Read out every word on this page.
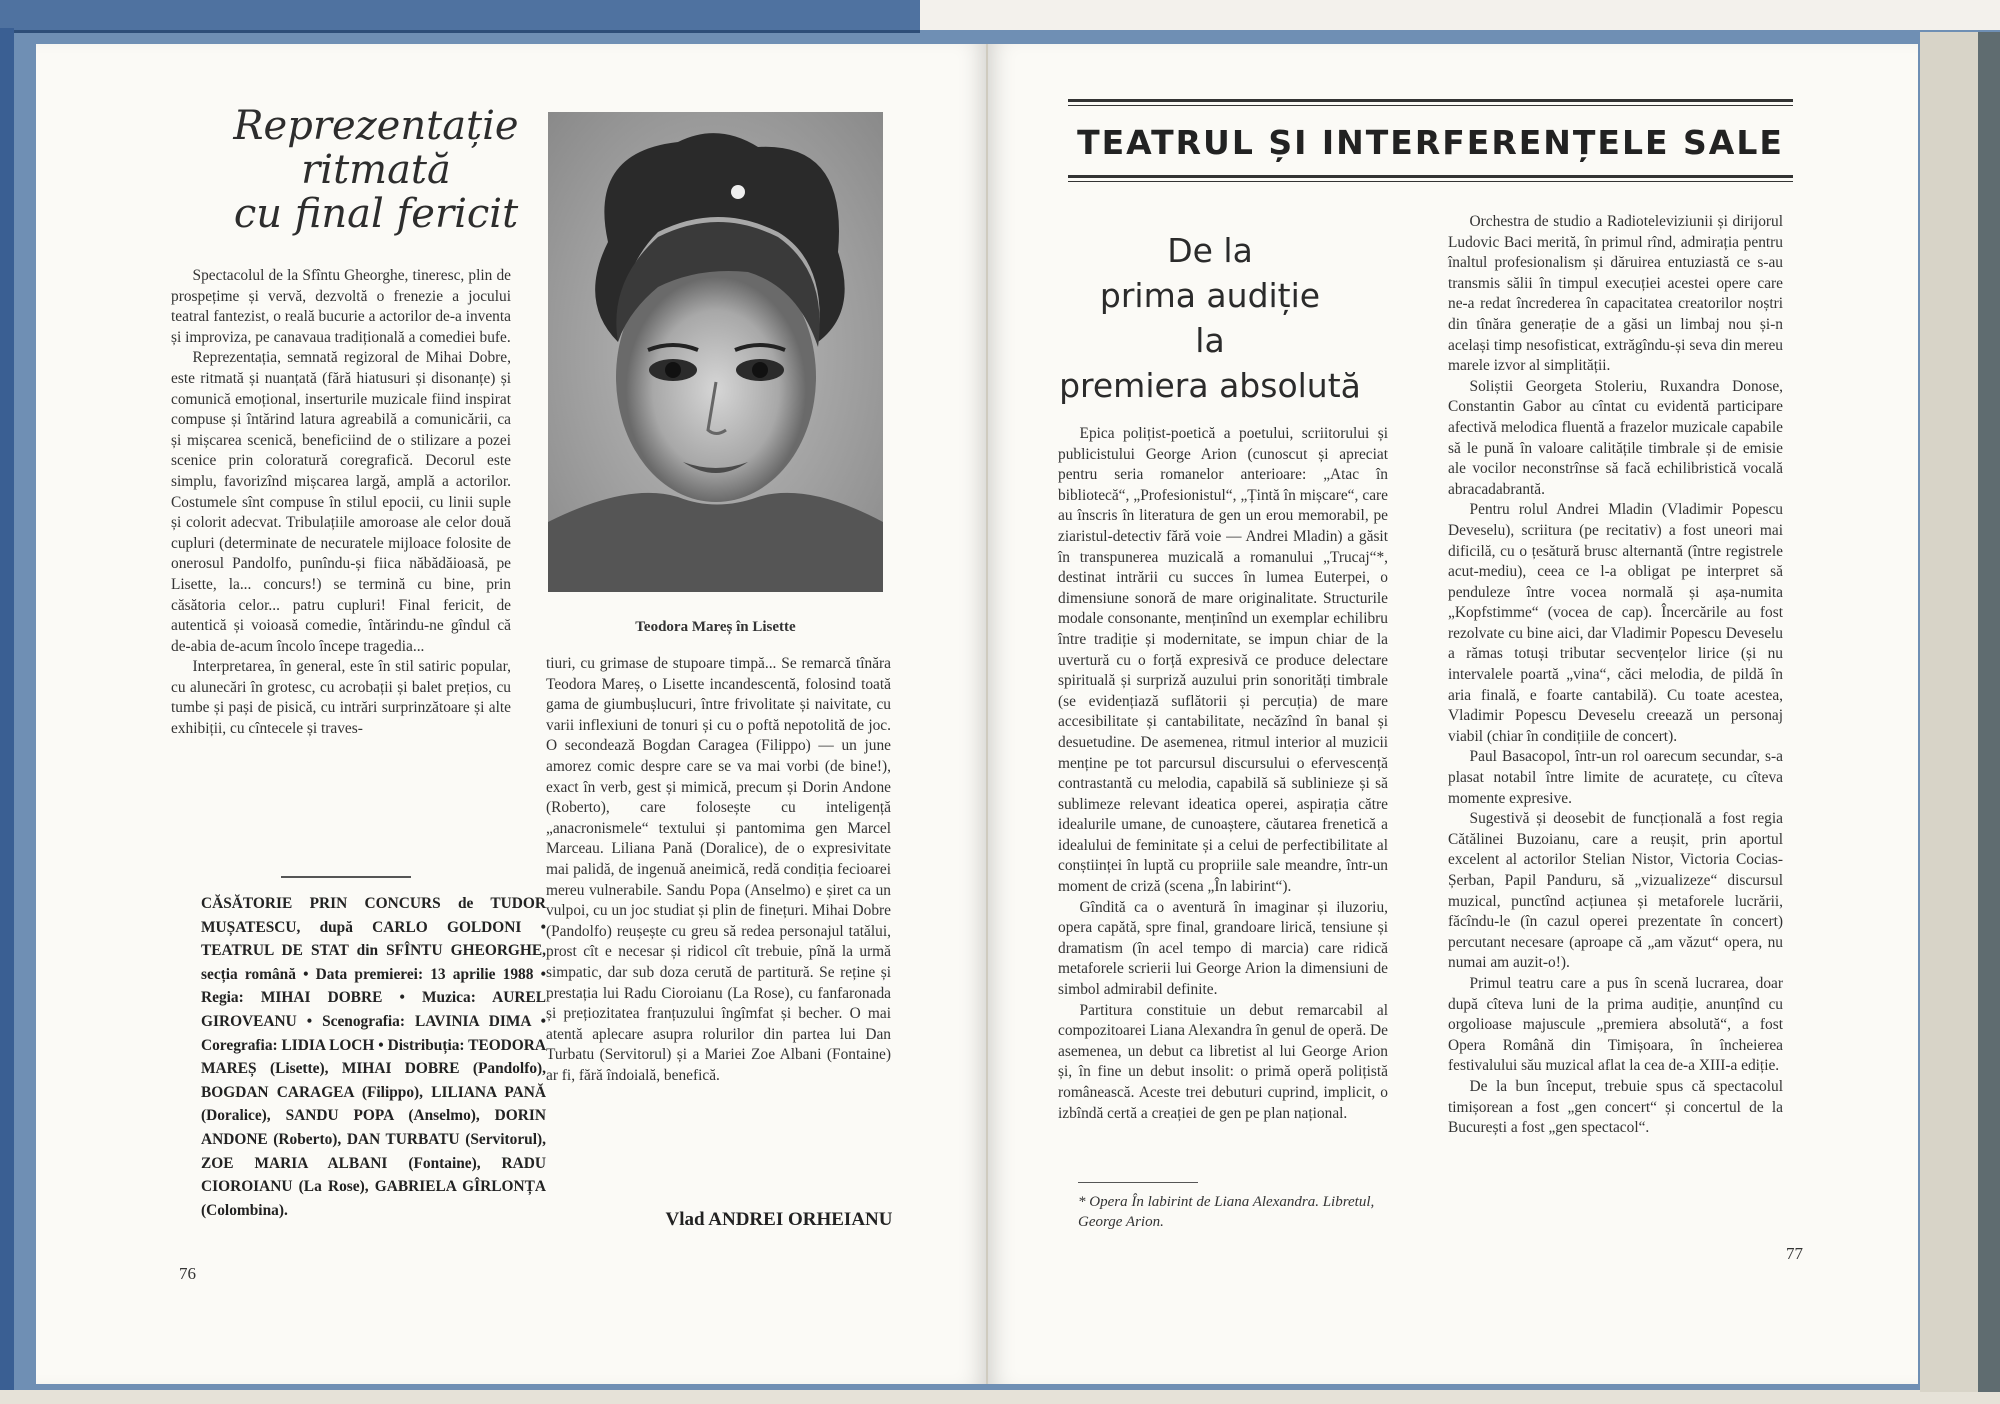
Reprezentație
ritmată
cu final fericit

Spectacolul de la Sfîntu Gheorghe, tineresc, plin de prospețime și vervă, dezvoltă o frenezie a jocului teatral fantezist, o reală bucurie a actorilor de-a inventa și improviza, pe canavaua tradițională a comediei bufe.

Reprezentația, semnată regizoral de Mihai Dobre, este ritmată și nuanțată (fără hiatusuri și disonanțe) și comunică emoțional, inserturile muzicale fiind inspirat compuse și întărind latura agreabilă a comunicării, ca și mișcarea scenică, beneficiind de o stilizare a pozei scenice prin coloratură coregrafică. Decorul este simplu, favorizînd mișcarea largă, amplă a actorilor. Costumele sînt compuse în stilul epocii, cu linii suple și colorit adecvat. Tribulațiile amoroase ale celor două cupluri (determinate de necuratele mijloace folosite de onerosul Pandolfo, punîndu-și fiica năbădăioasă, pe Lisette, la... concurs!) se termină cu bine, prin căsătoria celor... patru cupluri! Final fericit, de autentică și voioasă comedie, întărindu-ne gîndul că de-abia de-acum încolo începe tragedia...

Interpretarea, în general, este în stil satiric popular, cu alunecări în grotesc, cu acrobații și balet prețios, cu tumbe și pași de pisică, cu intrări surprinzătoare și alte exhibiții, cu cîntecele și traves-

CĂSĂTORIE PRIN CONCURS de TUDOR MUȘATESCU, după CARLO GOLDONI • TEATRUL DE STAT din SFÎNTU GHEORGHE, secția română • Data premierei: 13 aprilie 1988 • Regia: MIHAI DOBRE • Muzica: AUREL GIROVEANU • Scenografia: LAVINIA DIMA • Coregrafia: LIDIA LOCH • Distribuția: TEODORA MAREȘ (Lisette), MIHAI DOBRE (Pandolfo), BOGDAN CARAGEA (Filippo), LILIANA PANĂ (Doralice), SANDU POPA (Anselmo), DORIN ANDONE (Roberto), DAN TURBATU (Servitorul), ZOE MARIA ALBANI (Fontaine), RADU CIOROIANU (La Rose), GABRIELA GÎRLONȚA (Colombina).
Teodora Mareș în Lisette

tiuri, cu grimase de stupoare timpă... Se remarcă tînăra Teodora Mareș, o Lisette incandescentă, folosind toată gama de giumbușlucuri, între frivolitate și naivitate, cu varii inflexiuni de tonuri și cu o poftă nepotolită de joc. O secondează Bogdan Caragea (Filippo) — un june amorez comic despre care se va mai vorbi (de bine!), exact în verb, gest și mimică, precum și Dorin Andone (Roberto), care folosește cu inteligență „anacronismele“ textului și pantomima gen Marcel Marceau. Liliana Pană (Doralice), de o expresivitate mai palidă, de ingenuă aneimică, redă condiția fecioarei mereu vulnerabile. Sandu Popa (Anselmo) e șiret ca un vulpoi, cu un joc studiat și plin de finețuri. Mihai Dobre (Pandolfo) reușește cu greu să redea personajul tatălui, prost cît e necesar și ridicol cît trebuie, pînă la urmă simpatic, dar sub doza cerută de partitură. Se reține și prestația lui Radu Cioroianu (La Rose), cu fanfaronada și prețiozitatea franțuzului îngîmfat și becher. O mai atentă aplecare asupra rolurilor din partea lui Dan Turbatu (Servitorul) și a Mariei Zoe Albani (Fontaine) ar fi, fără îndoială, benefică.

Vlad ANDREI ORHEIANU
76
TEATRUL ȘI INTERFERENȚELE SALE
De la
prima audiție
la
premiera absolută

Epica polițist-poetică a poetului, scriitorului și publicistului George Arion (cunoscut și apreciat pentru seria romanelor anterioare: „Atac în bibliotecă“, „Profesionistul“, „Țintă în mișcare“, care au înscris în literatura de gen un erou memorabil, pe ziaristul-detectiv fără voie — Andrei Mladin) a găsit în transpunerea muzicală a romanului „Trucaj“*, destinat intrării cu succes în lumea Euterpei, o dimensiune sonoră de mare originalitate. Structurile modale consonante, menținînd un exemplar echilibru între tradiție și modernitate, se impun chiar de la uvertură cu o forță expresivă ce produce delectare spirituală și surprizǎ auzului prin sonorități timbrale (se evidențiază suflătorii și percuția) de mare accesibilitate și cantabilitate, necăzînd în banal și desuetudine. De asemenea, ritmul interior al muzicii menține pe tot parcursul discursului o efervescență contrastantă cu melodia, capabilă să sublinieze și să sublimeze relevant ideatica operei, aspirația către idealurile umane, de cunoaștere, căutarea frenetică a idealului de feminitate și a celui de perfectibilitate al conștiinței în luptă cu propriile sale meandre, într-un moment de criză (scena „În labirint“).

Gîndită ca o aventură în imaginar și iluzoriu, opera capătă, spre final, grandoare lirică, tensiune și dramatism (în acel tempo di marcia) care ridică metaforele scrierii lui George Arion la dimensiuni de simbol admirabil definite.

Partitura constituie un debut remarcabil al compozitoarei Liana Alexandra în genul de operă. De asemenea, un debut ca libretist al lui George Arion și, în fine un debut insolit: o primă operă polițistă românească. Aceste trei debuturi cuprind, implicit, o izbîndă certă a creației de gen pe plan național.

* Opera În labirint de Liana Alexandra. Libretul, George Arion.

Orchestra de studio a Radioteleviziunii și dirijorul Ludovic Baci merită, în primul rînd, admirația pentru înaltul profesionalism și dăruirea entuziastă ce s-au transmis sălii în timpul execuției acestei opere care ne-a redat încrederea în capacitatea creatorilor noștri din tînăra generație de a găsi un limbaj nou și-n același timp nesofisticat, extrăgîndu-și seva din mereu marele izvor al simplității.

Soliștii Georgeta Stoleriu, Ruxandra Donose, Constantin Gabor au cîntat cu evidentă participare afectivă melodica fluentă a frazelor muzicale capabile să le pună în valoare calitățile timbrale și de emisie ale vocilor neconstrînse să facă echilibristică vocală abracadabrantă.

Pentru rolul Andrei Mladin (Vladimir Popescu Deveselu), scriitura (pe recitativ) a fost uneori mai dificilă, cu o țesătură brusc alternantă (între registrele acut-mediu), ceea ce l-a obligat pe interpret să penduleze între vocea normală și așa-numita „Kopfstimme“ (vocea de cap). Încercările au fost rezolvate cu bine aici, dar Vladimir Popescu Deveselu a rămas totuși tributar secvențelor lirice (și nu intervalele poartă „vina“, căci melodia, de pildă în aria finală, e foarte cantabilă). Cu toate acestea, Vladimir Popescu Deveselu creează un personaj viabil (chiar în condițiile de concert).

Paul Basacopol, într-un rol oarecum secundar, s-a plasat notabil între limite de acuratețe, cu cîteva momente expresive.

Sugestivă și deosebit de funcțională a fost regia Cătălinei Buzoianu, care a reușit, prin aportul excelent al actorilor Stelian Nistor, Victoria Cocias-Șerban, Papil Panduru, să „vizualizeze“ discursul muzical, punctînd acțiunea și metaforele lucrării, făcîndu-le (în cazul operei prezentate în concert) percutant necesare (aproape că „am văzut“ opera, nu numai am auzit-o!).

Primul teatru care a pus în scenă lucrarea, doar după cîteva luni de la prima audiție, anunțînd cu orgolioase majuscule „premiera absolută“, a fost Opera Română din Timișoara, în încheierea festivalului său muzical aflat la cea de-a XIII-a ediție.

De la bun început, trebuie spus că spectacolul timișorean a fost „gen concert“ și concertul de la București a fost „gen spectacol“.

77
